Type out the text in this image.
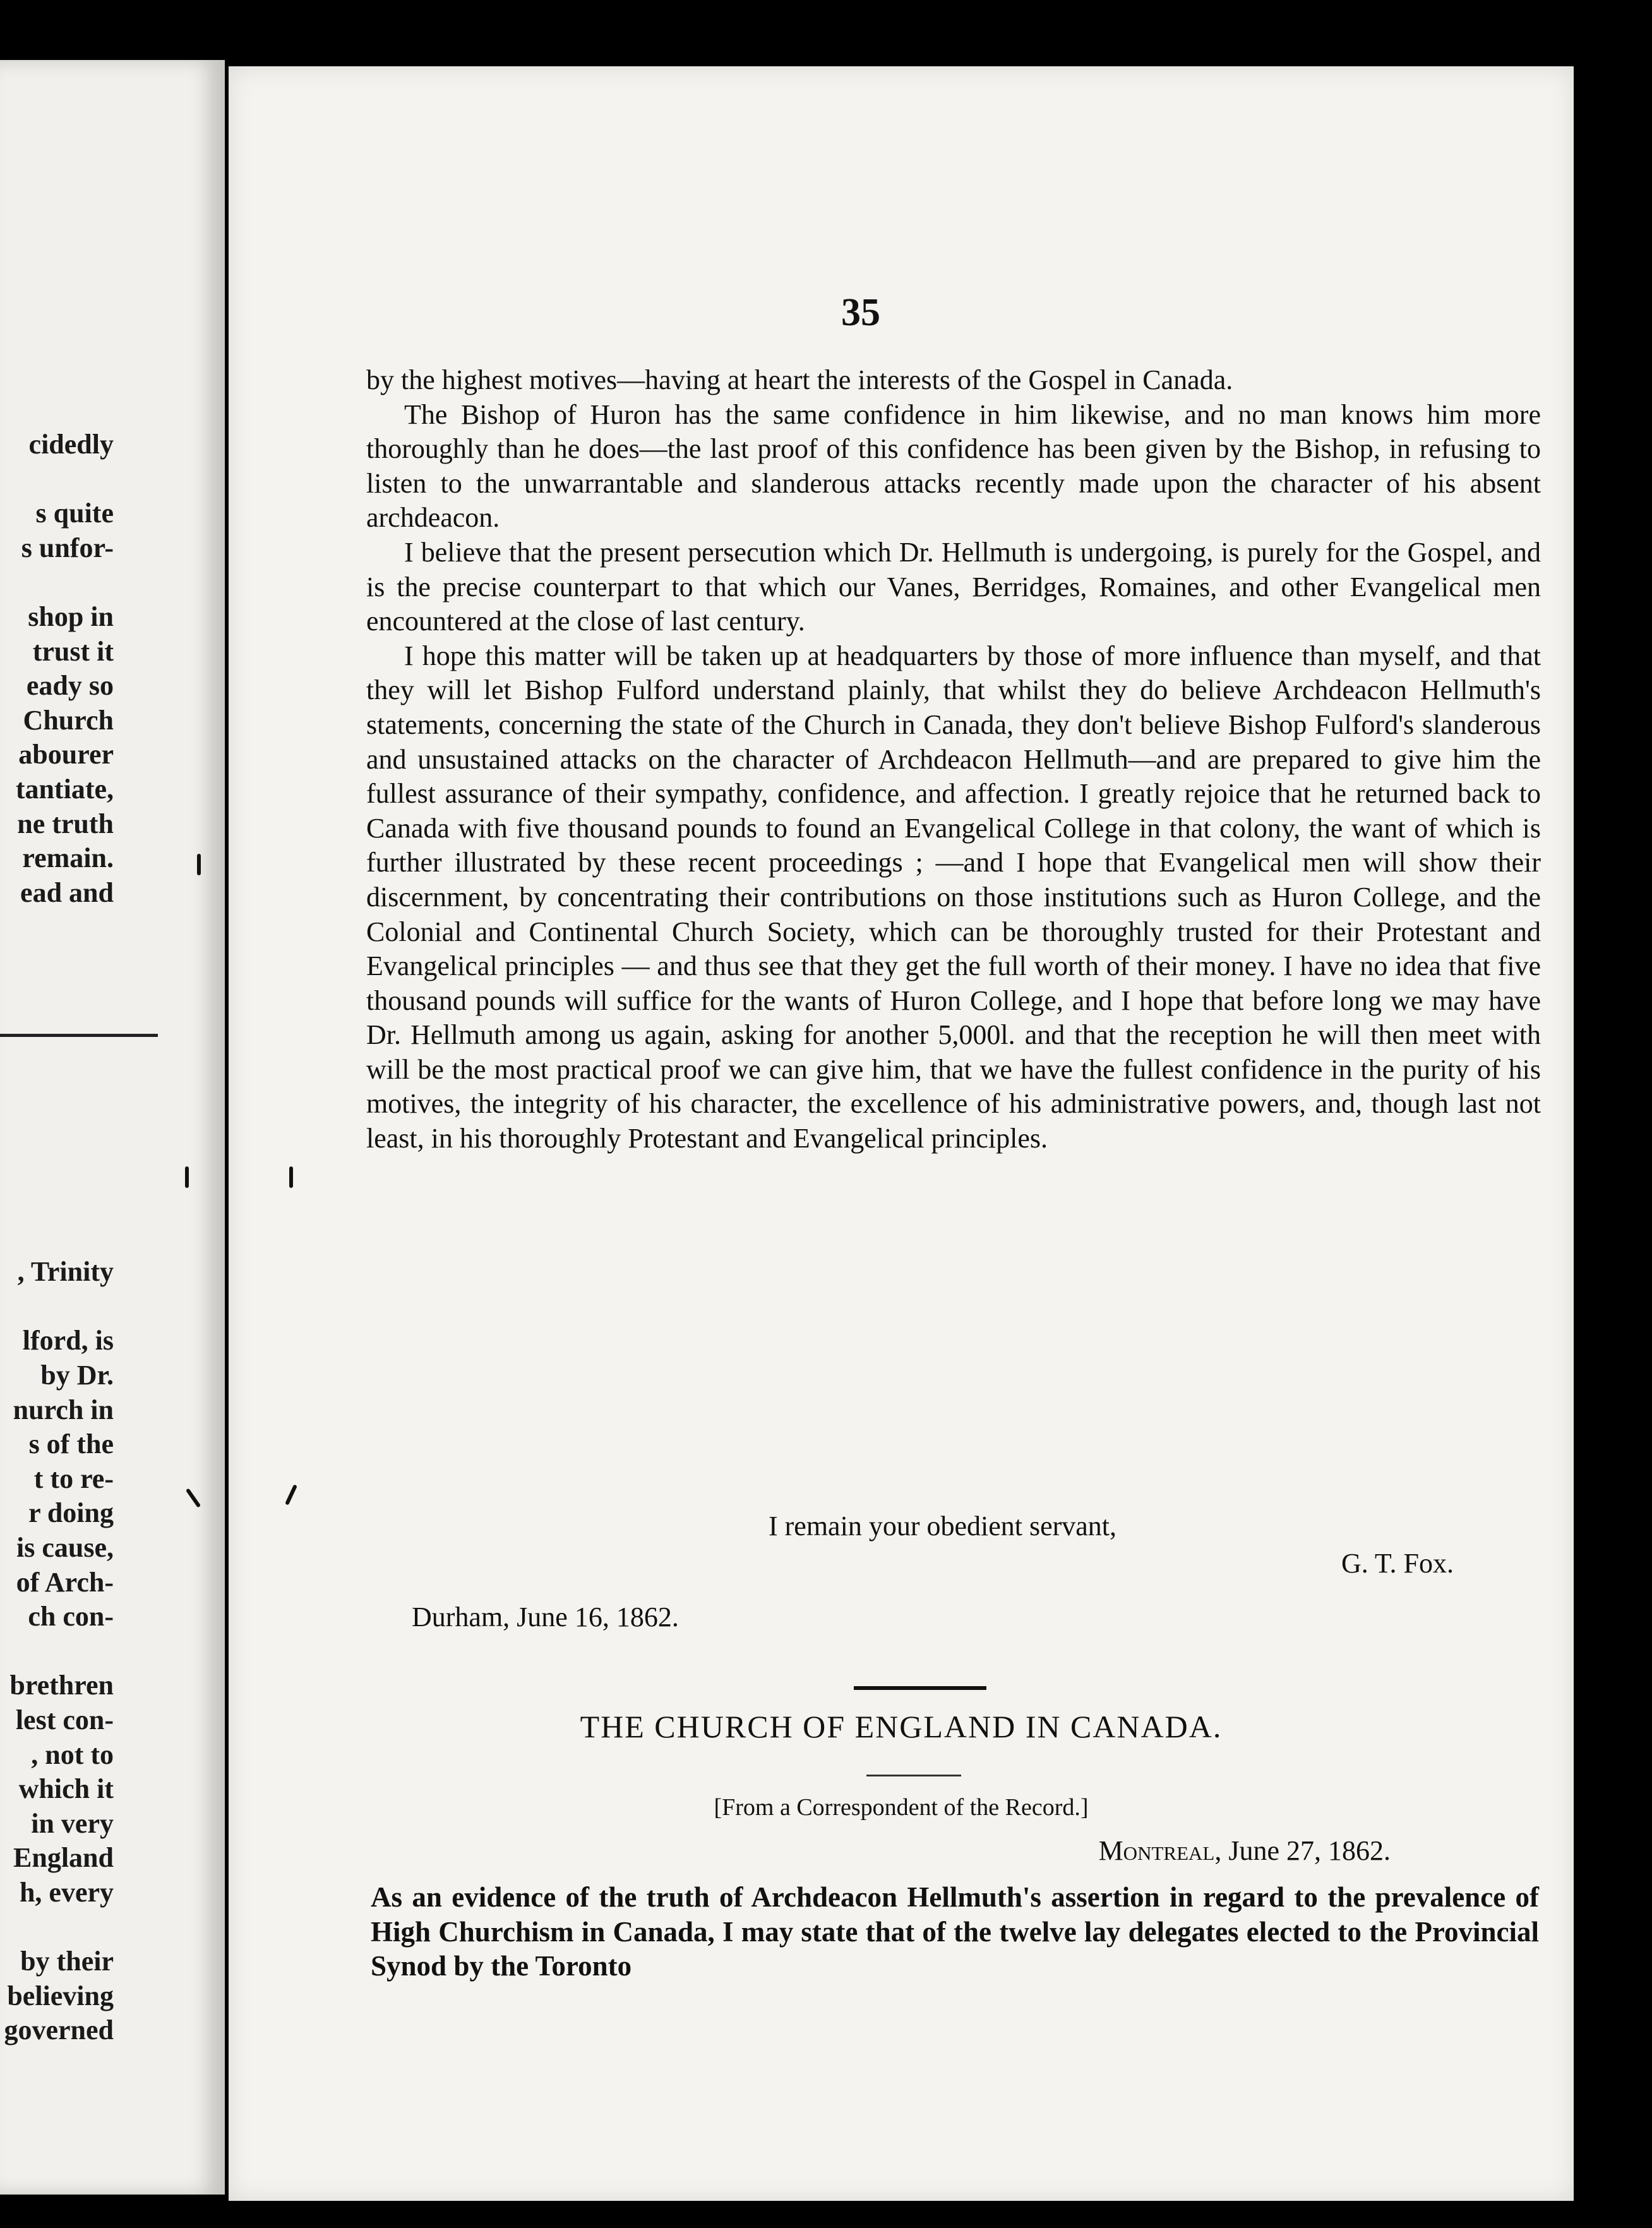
cidedly
s quite
s unfor-
shop in
trust it
eady so
Church
abourer
tantiate,
ne truth
remain.
ead and
, Trinity
lford, is
by Dr.
nurch in
s of the
t to re-
r doing
is cause,
of Arch-
ch con-
brethren
lest con-
, not to
which it
in very
England
h, every
by their
believing
governed
35

by the highest motives—having at heart the interests of the Gospel in Canada.

The Bishop of Huron has the same confidence in him likewise, and no man knows him more thoroughly than he does—the last proof of this confidence has been given by the Bishop, in refusing to listen to the unwarrantable and slanderous attacks recently made upon the character of his absent archdeacon.

I believe that the present persecution which Dr. Hellmuth is undergoing, is purely for the Gospel, and is the precise counterpart to that which our Vanes, Berridges, Romaines, and other Evangelical men encountered at the close of last century.

I hope this matter will be taken up at headquarters by those of more influence than myself, and that they will let Bishop Fulford understand plainly, that whilst they do believe Archdeacon Hellmuth's statements, concerning the state of the Church in Canada, they don't believe Bishop Fulford's slanderous and unsustained attacks on the character of Archdeacon Hellmuth—and are prepared to give him the fullest assurance of their sympathy, confidence, and affection. I greatly rejoice that he returned back to Canada with five thousand pounds to found an Evangelical College in that colony, the want of which is further illustrated by these recent proceedings ; —and I hope that Evangelical men will show their discernment, by concentrating their contributions on those institutions such as Huron College, and the Colonial and Continental Church Society, which can be thoroughly trusted for their Protestant and Evangelical principles — and thus see that they get the full worth of their money. I have no idea that five thousand pounds will suffice for the wants of Huron College, and I hope that before long we may have Dr. Hellmuth among us again, asking for another 5,000l. and that the reception he will then meet with will be the most practical proof we can give him, that we have the fullest confidence in the purity of his motives, the integrity of his character, the excellence of his administrative powers, and, though last not least, in his thoroughly Protestant and Evangelical principles.

I remain your obedient servant,
G. T. Fox.
Durham, June 16, 1862.
THE CHURCH OF ENGLAND IN CANADA.
[From a Correspondent of the Record.]
Montreal, June 27, 1862.
As an evidence of the truth of Archdeacon Hellmuth's assertion in regard to the prevalence of High Churchism in Canada, I may state that of the twelve lay delegates elected to the Provincial Synod by the Toronto
